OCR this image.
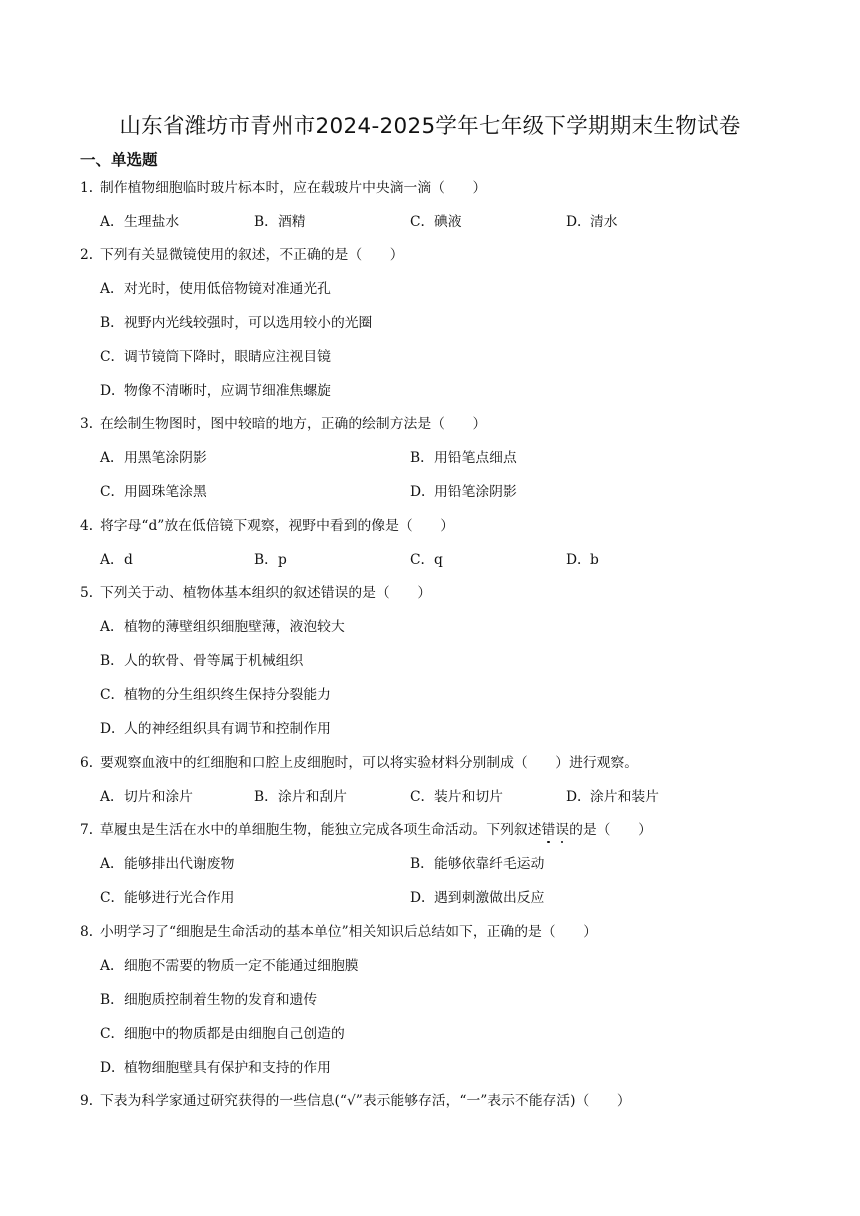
山东省潍坊市青州市2024-2025学年七年级下学期期末生物试卷
一、单选题
1．制作植物细胞临时玻片标本时，应在载玻片中央滴一滴（　　）
A．生理盐水	B．酒精	C．碘液	D．清水
2．下列有关显微镜使用的叙述，不正确的是（　　）
A．对光时，使用低倍物镜对准通光孔
B．视野内光线较强时，可以选用较小的光圈
C．调节镜筒下降时，眼睛应注视目镜
D．物像不清晰时，应调节细准焦螺旋
3．在绘制生物图时，图中较暗的地方，正确的绘制方法是（　　）
A．用黑笔涂阴影	B．用铅笔点细点
C．用圆珠笔涂黑	D．用铅笔涂阴影
4．将字母“d”放在低倍镜下观察，视野中看到的像是（　　）
A．d	B．p	C．q	D．b
5．下列关于动、植物体基本组织的叙述错误的是（　　）
A．植物的薄壁组织细胞壁薄，液泡较大
B．人的软骨、骨等属于机械组织
C．植物的分生组织终生保持分裂能力
D．人的神经组织具有调节和控制作用
6．要观察血液中的红细胞和口腔上皮细胞时，可以将实验材料分别制成（　　）进行观察。
A．切片和涂片	B．涂片和刮片	C．装片和切片	D．涂片和装片
7．草履虫是生活在水中的单细胞生物，能独立完成各项生命活动。下列叙述错误的是（　　）
A．能够排出代谢废物	B．能够依靠纤毛运动
C．能够进行光合作用	D．遇到刺激做出反应
8．小明学习了“细胞是生命活动的基本单位”相关知识后总结如下，正确的是（　　）
A．细胞不需要的物质一定不能通过细胞膜
B．细胞质控制着生物的发育和遗传
C．细胞中的物质都是由细胞自己创造的
D．植物细胞壁具有保护和支持的作用
9．下表为科学家通过研究获得的一些信息(“√”表示能够存活，“一”表示不能存活)（　　）
